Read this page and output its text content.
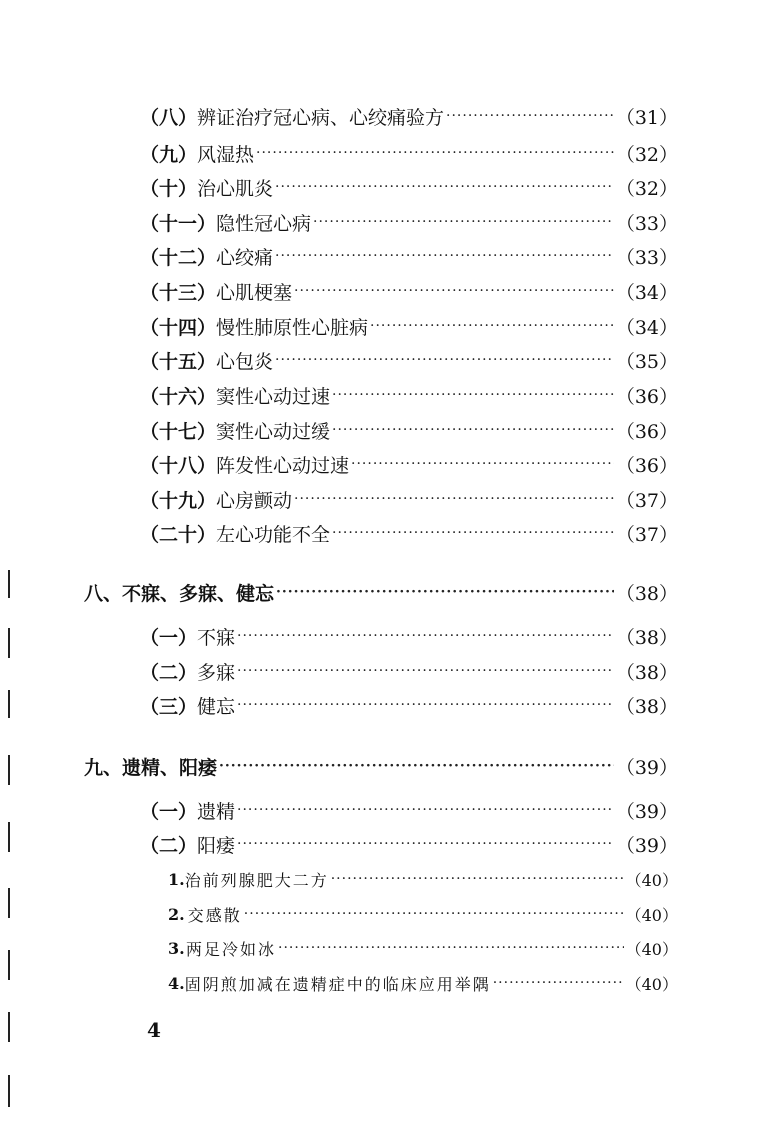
（八） 辨证治疗冠心病、心绞痛验方 ·····	（31）
（九） 风湿热 ·····	（32）
（十） 治心肌炎 ·····	（32）
（十一） 隐性冠心病 ·····	（33）
（十二） 心绞痛 ·····	（33）
（十三） 心肌梗塞 ·····	（34）
（十四） 慢性肺原性心脏病 ·····	（34）
（十五） 心包炎 ·····	（35）
（十六） 窦性心动过速 ·····	（36）
（十七） 窦性心动过缓 ·····	（36）
（十八） 阵发性心动过速 ·····	（36）
（十九） 心房颤动 ·····	（37）
（二十） 左心功能不全 ·····	（37）
八、不寐、多寐、健忘 ·····	（38）
（一） 不寐 ·····	（38）
（二） 多寐 ·····	（38）
（三） 健忘 ·····	（38）
九、遗精、阳痿 ·····	（39）
（一） 遗精 ·····	（39）
（二） 阳痿 ·····	（39）
1. 治前列腺肥大二方 ·····	（40）
2. 交感散 ·····	（40）
3. 两足冷如冰 ·····	（40）
4. 固阴煎加减在遗精症中的临床应用举隅 ·····	（40）
4
